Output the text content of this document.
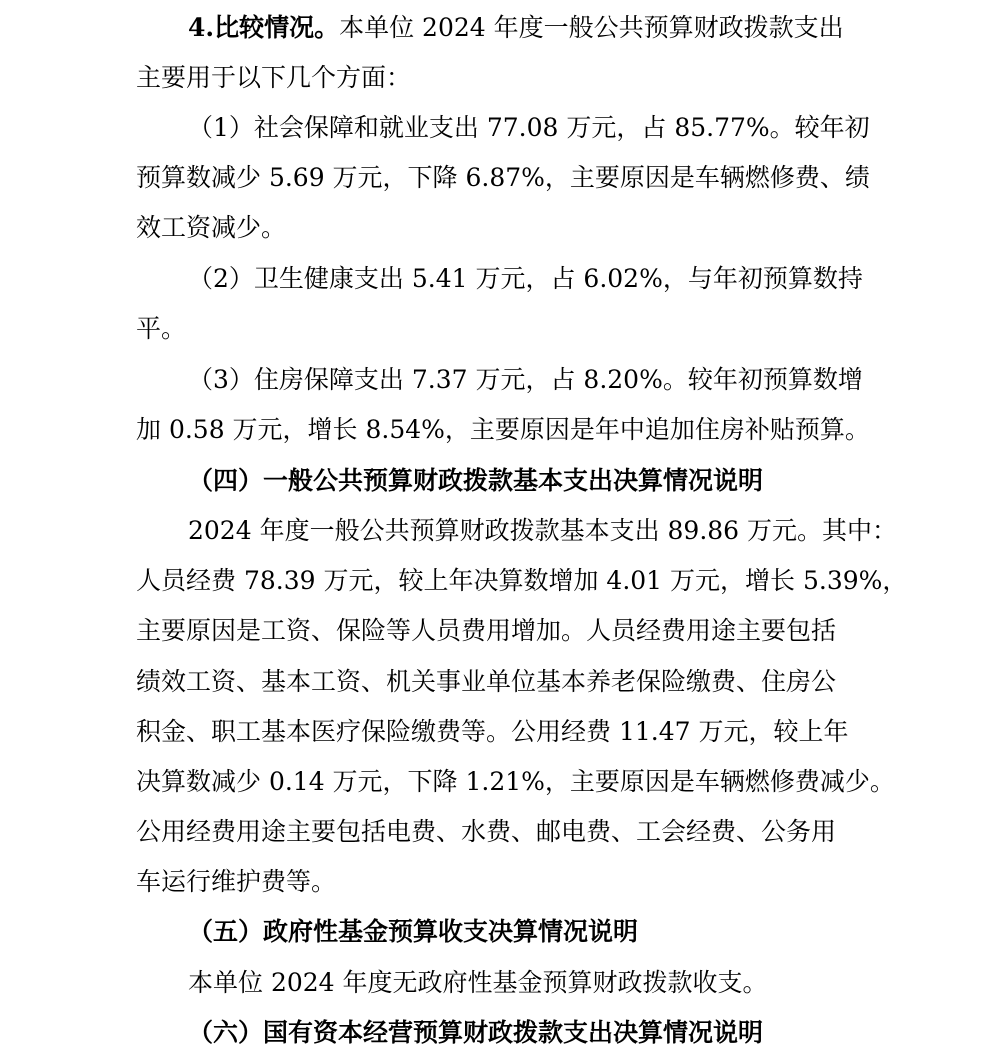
4.比较情况。本单位 2024 年度一般公共预算财政拨款支出
主要用于以下几个方面：
（1）社会保障和就业支出 77.08 万元，占 85.77%。较年初
预算数减少 5.69 万元，下降 6.87%，主要原因是车辆燃修费、绩
效工资减少。
（2）卫生健康支出 5.41 万元，占 6.02%，与年初预算数持
平。
（3）住房保障支出 7.37 万元，占 8.20%。较年初预算数增
加 0.58 万元，增长 8.54%，主要原因是年中追加住房补贴预算。
（四）一般公共预算财政拨款基本支出决算情况说明
2024 年度一般公共预算财政拨款基本支出 89.86 万元。其中：
人员经费 78.39 万元，较上年决算数增加 4.01 万元，增长 5.39%，
主要原因是工资、保险等人员费用增加。人员经费用途主要包括
绩效工资、基本工资、机关事业单位基本养老保险缴费、住房公
积金、职工基本医疗保险缴费等。公用经费 11.47 万元，较上年
决算数减少 0.14 万元，下降 1.21%，主要原因是车辆燃修费减少。
公用经费用途主要包括电费、水费、邮电费、工会经费、公务用
车运行维护费等。
（五）政府性基金预算收支决算情况说明
本单位 2024 年度无政府性基金预算财政拨款收支。
（六）国有资本经营预算财政拨款支出决算情况说明
